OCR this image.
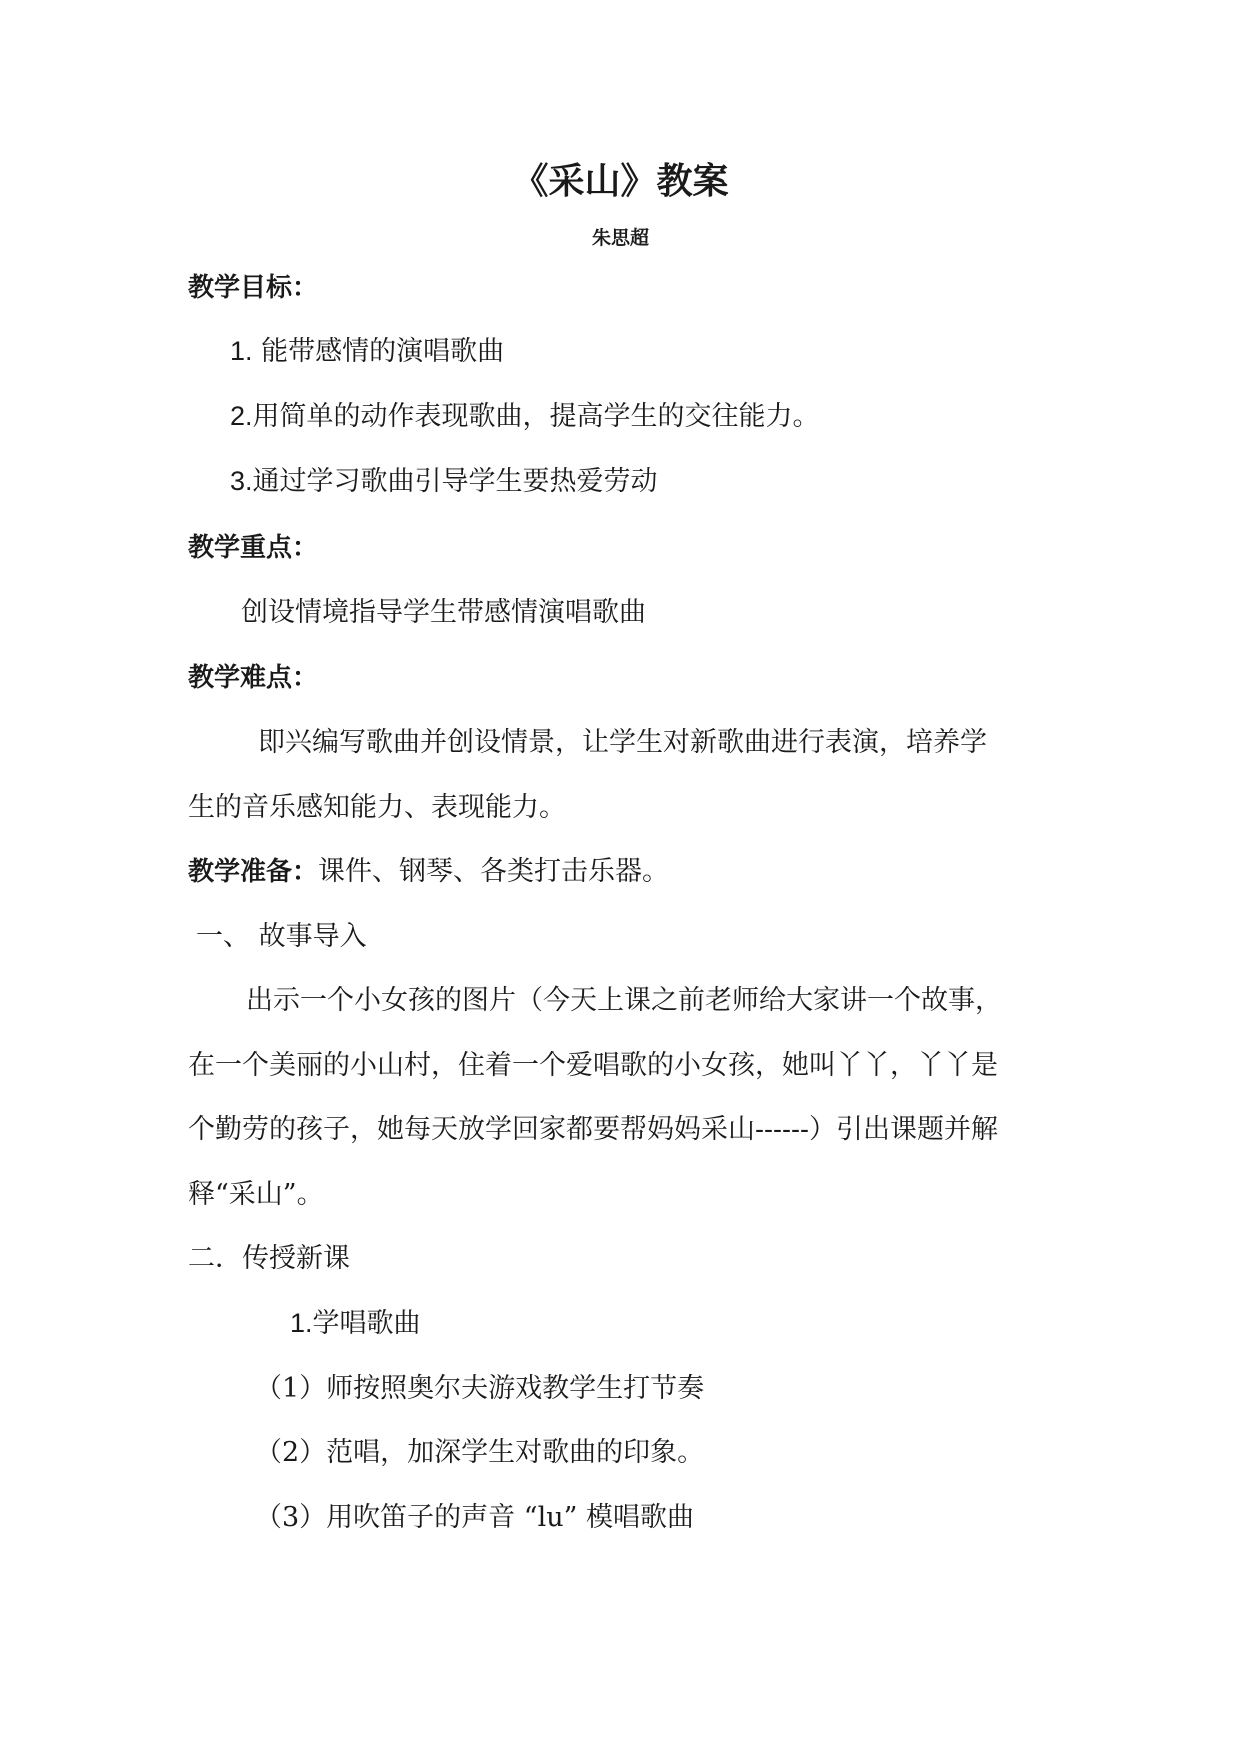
《采山》教案
朱思超
教学目标：
1. 能带感情的演唱歌曲
2.用简单的动作表现歌曲，提高学生的交往能力。
3.通过学习歌曲引导学生要热爱劳动
教学重点：
创设情境指导学生带感情演唱歌曲
教学难点：
即兴编写歌曲并创设情景，让学生对新歌曲进行表演，培养学
生的音乐感知能力、表现能力。
教学准备：课件、钢琴、各类打击乐器。
一、 故事导入
出示一个小女孩的图片（今天上课之前老师给大家讲一个故事，
在一个美丽的小山村，住着一个爱唱歌的小女孩，她叫丫丫，丫丫是
个勤劳的孩子，她每天放学回家都要帮妈妈采山------）引出课题并解
释“采山”。
二．传授新课
1.学唱歌曲
（1）师按照奥尔夫游戏教学生打节奏
（2）范唱，加深学生对歌曲的印象。
（3）用吹笛子的声音 “lu” 模唱歌曲
